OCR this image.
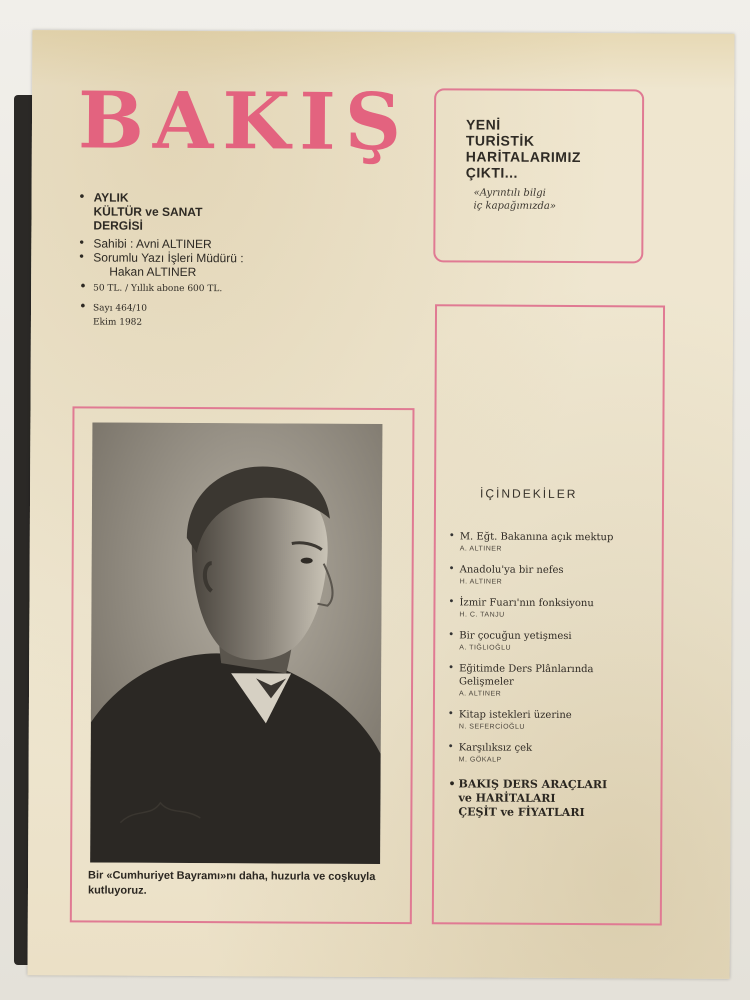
BAKIŞ
• AYLIK
KÜLTÜR ve SANAT
DERGİSİ
• Sahibi : Avni ALTINER
• Sorumlu Yazı İşleri Müdürü :
Hakan ALTINER
• 50 TL. / Yıllık abone 600 TL.
• Sayı 464/10
Ekim 1982
YENİ
TURİSTİK
HARİTALARIMIZ
ÇIKTI...
«Ayrıntılı bilgi
iç kapağımızda»
İÇİNDEKİLER
• M. Eğt. Bakanına açık mektup
A. ALTINER
• Anadolu'ya bir nefes
H. ALTINER
• İzmir Fuarı'nın fonksiyonu
H. C. TANJU
• Bir çocuğun yetişmesi
A. TIĞLIOĞLU
• Eğitimde Ders Plânlarında Gelişmeler
A. ALTINER
• Kitap istekleri üzerine
N. SEFERCİOĞLU
• Karşılıksız çek
M. GÖKALP
• BAKIŞ DERS ARAÇLARI
ve HARİTALARI
ÇEŞİT ve FİYATLARI
Bir «Cumhuriyet Bayramı»nı daha, huzurla ve coşkuyla kutluyoruz.
